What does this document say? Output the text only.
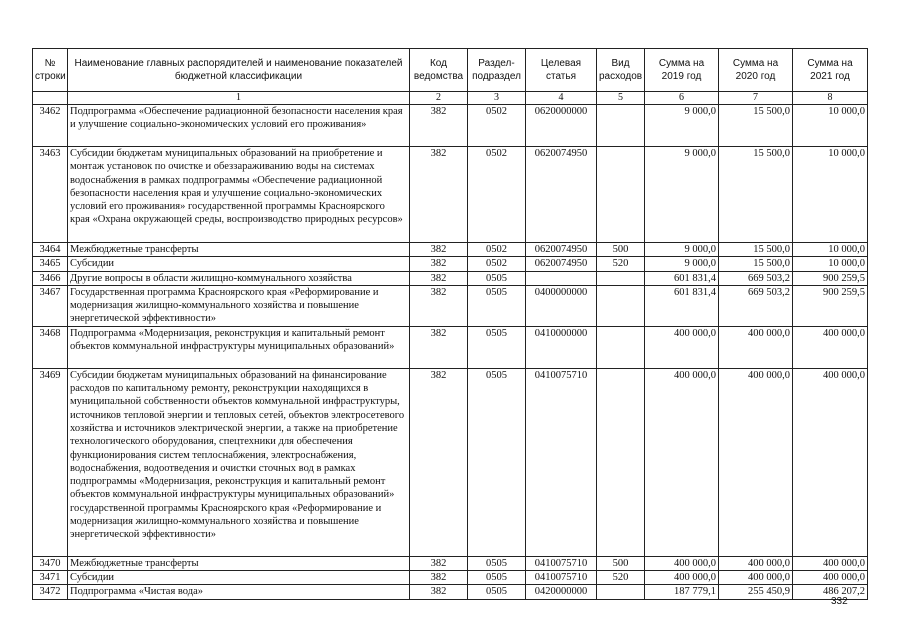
№ строки	Наименование главных распорядителей и наименование показателей бюджетной классификации	Код ведомства	Раздел-подраздел	Целевая статья	Вид расходов	Сумма на 2019 год	Сумма на 2020 год	Сумма на 2021 год
	1	2	3	4	5	6	7	8
3462	Подпрограмма «Обеспечение радиационной безопасности населения края и улучшение социально-экономических условий его проживания»	382	0502	0620000000		9 000,0	15 500,0	10 000,0
3463	Субсидии бюджетам муниципальных образований на приобретение и монтаж установок по очистке и обеззараживанию воды на системах водоснабжения в рамках подпрограммы «Обеспечение радиационной безопасности населения края и улучшение социально-экономических условий его проживания» государственной программы Красноярского края «Охрана окружающей среды, воспроизводство природных ресурсов»	382	0502	0620074950		9 000,0	15 500,0	10 000,0
3464	Межбюджетные трансферты	382	0502	0620074950	500	9 000,0	15 500,0	10 000,0
3465	Субсидии	382	0502	0620074950	520	9 000,0	15 500,0	10 000,0
3466	Другие вопросы в области жилищно-коммунального хозяйства	382	0505			601 831,4	669 503,2	900 259,5
3467	Государственная программа Красноярского края «Реформирование и модернизация жилищно-коммунального хозяйства и повышение энергетической эффективности»	382	0505	0400000000		601 831,4	669 503,2	900 259,5
3468	Подпрограмма «Модернизация, реконструкция и капитальный ремонт объектов коммунальной инфраструктуры муниципальных образований»	382	0505	0410000000		400 000,0	400 000,0	400 000,0
3469	Субсидии бюджетам муниципальных образований на финансирование расходов по капитальному ремонту, реконструкции находящихся в муниципальной собственности объектов коммунальной инфраструктуры, источников тепловой энергии и тепловых сетей, объектов электросетевого хозяйства и источников электрической энергии, а также на приобретение технологического оборудования, спецтехники для обеспечения функционирования систем теплоснабжения, электроснабжения, водоснабжения, водоотведения и очистки сточных вод в рамках подпрограммы «Модернизация, реконструкция и капитальный ремонт объектов коммунальной инфраструктуры муниципальных образований» государственной программы Красноярского края «Реформирование и модернизация жилищно-коммунального хозяйства и повышение энергетической эффективности»	382	0505	0410075710		400 000,0	400 000,0	400 000,0
3470	Межбюджетные трансферты	382	0505	0410075710	500	400 000,0	400 000,0	400 000,0
3471	Субсидии	382	0505	0410075710	520	400 000,0	400 000,0	400 000,0
3472	Подпрограмма «Чистая вода»	382	0505	0420000000		187 779,1	255 450,9	486 207,2
332
